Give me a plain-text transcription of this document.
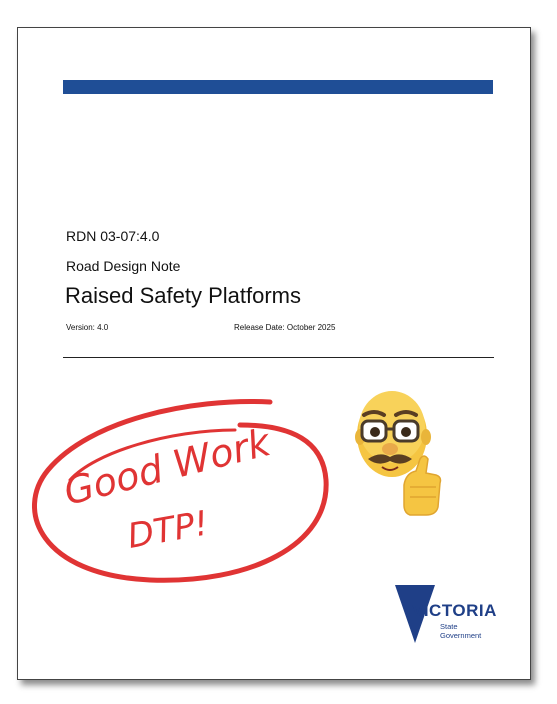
RDN 03-07:4.0
Road Design Note
Raised Safety Platforms
Version: 4.0	Release Date: October 2025
Good Work
DTP!
VICTORIA
State
Government
